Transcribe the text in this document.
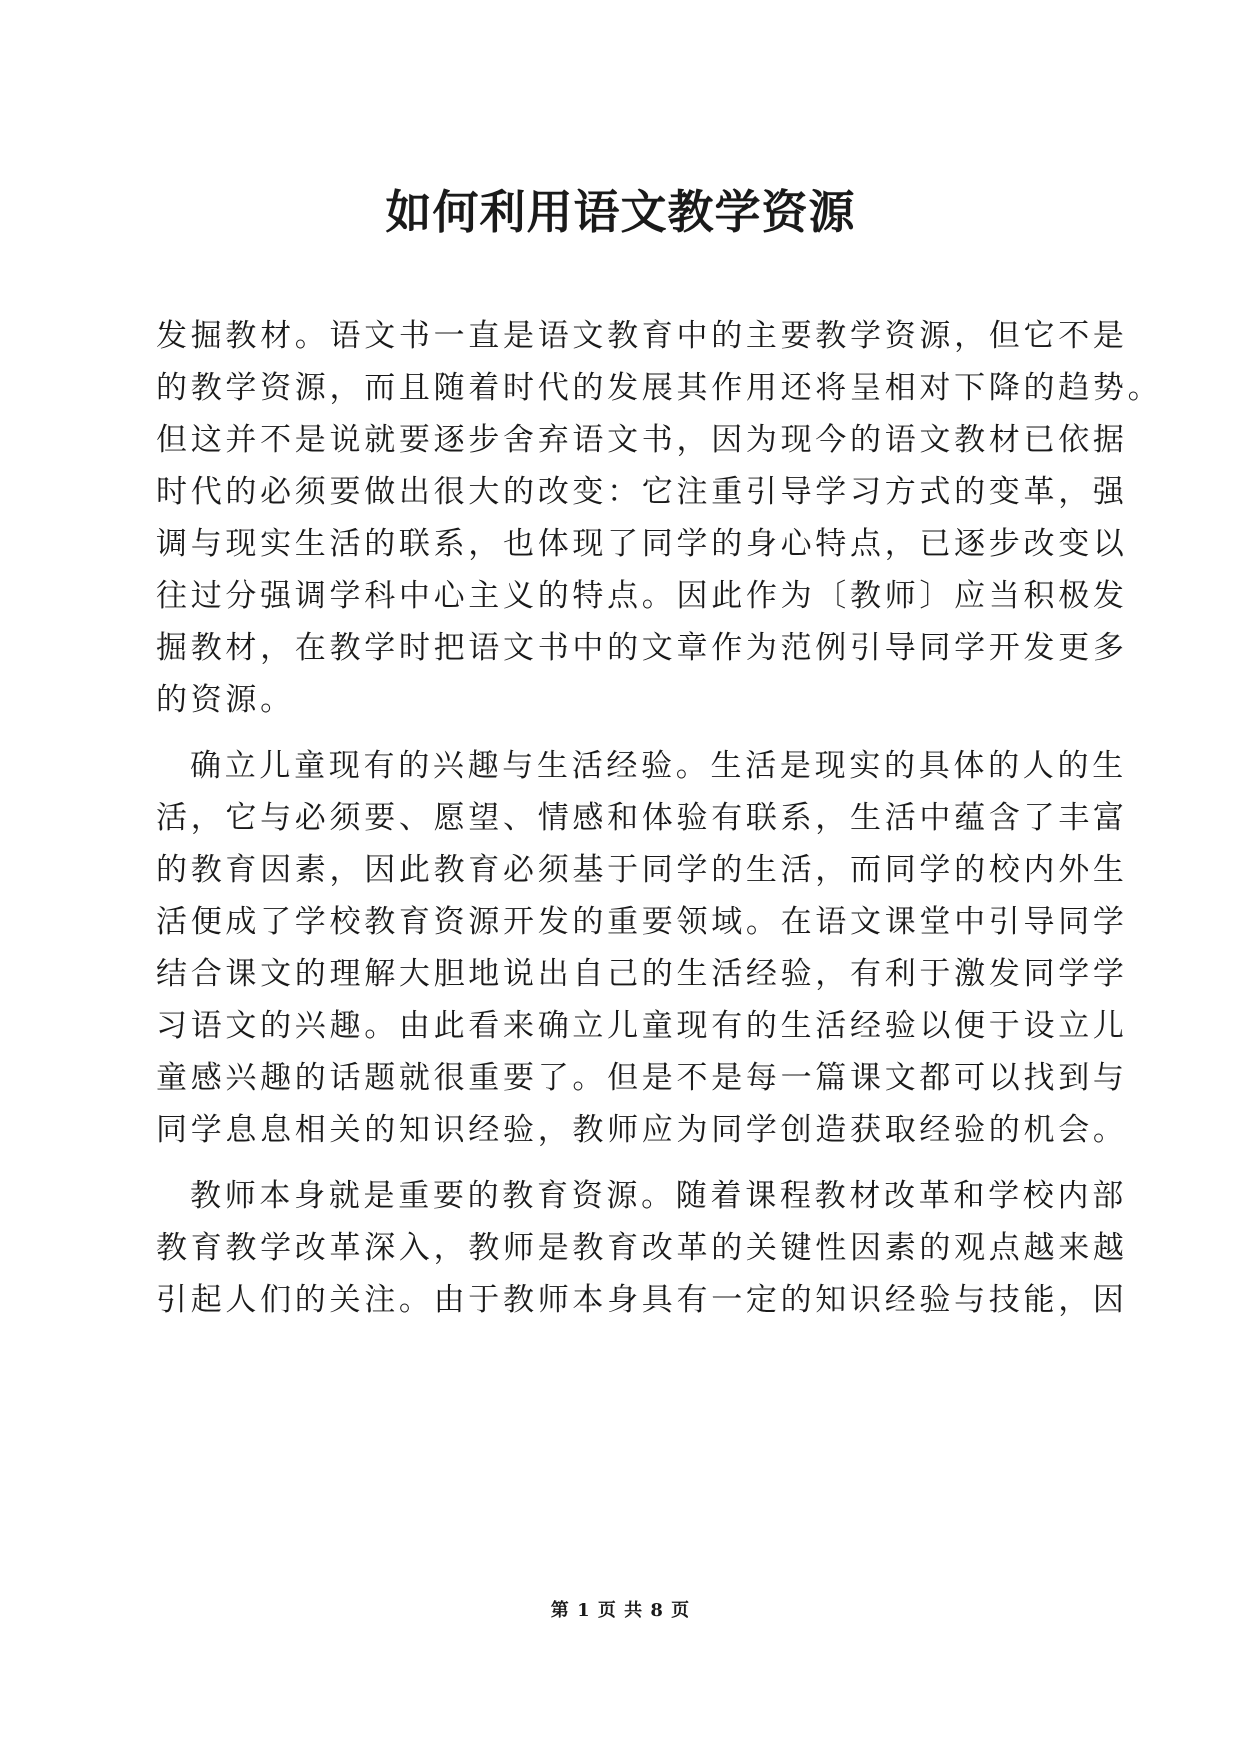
如何利用语文教学资源
发掘教材。语文书一直是语文教育中的主要教学资源，但它不是
的教学资源，而且随着时代的发展其作用还将呈相对下降的趋势。
但这并不是说就要逐步舍弃语文书，因为现今的语文教材已依据
时代的必须要做出很大的改变：它注重引导学习方式的变革，强
调与现实生活的联系，也体现了同学的身心特点，已逐步改变以
往过分强调学科中心主义的特点。因此作为〔教师〕应当积极发
掘教材，在教学时把语文书中的文章作为范例引导同学开发更多
的资源。
确立儿童现有的兴趣与生活经验。生活是现实的具体的人的生
活，它与必须要、愿望、情感和体验有联系，生活中蕴含了丰富
的教育因素，因此教育必须基于同学的生活，而同学的校内外生
活便成了学校教育资源开发的重要领域。在语文课堂中引导同学
结合课文的理解大胆地说出自己的生活经验，有利于激发同学学
习语文的兴趣。由此看来确立儿童现有的生活经验以便于设立儿
童感兴趣的话题就很重要了。但是不是每一篇课文都可以找到与
同学息息相关的知识经验，教师应为同学创造获取经验的机会。
教师本身就是重要的教育资源。随着课程教材改革和学校内部
教育教学改革深入，教师是教育改革的关键性因素的观点越来越
引起人们的关注。由于教师本身具有一定的知识经验与技能，因
第 1 页 共 8 页
